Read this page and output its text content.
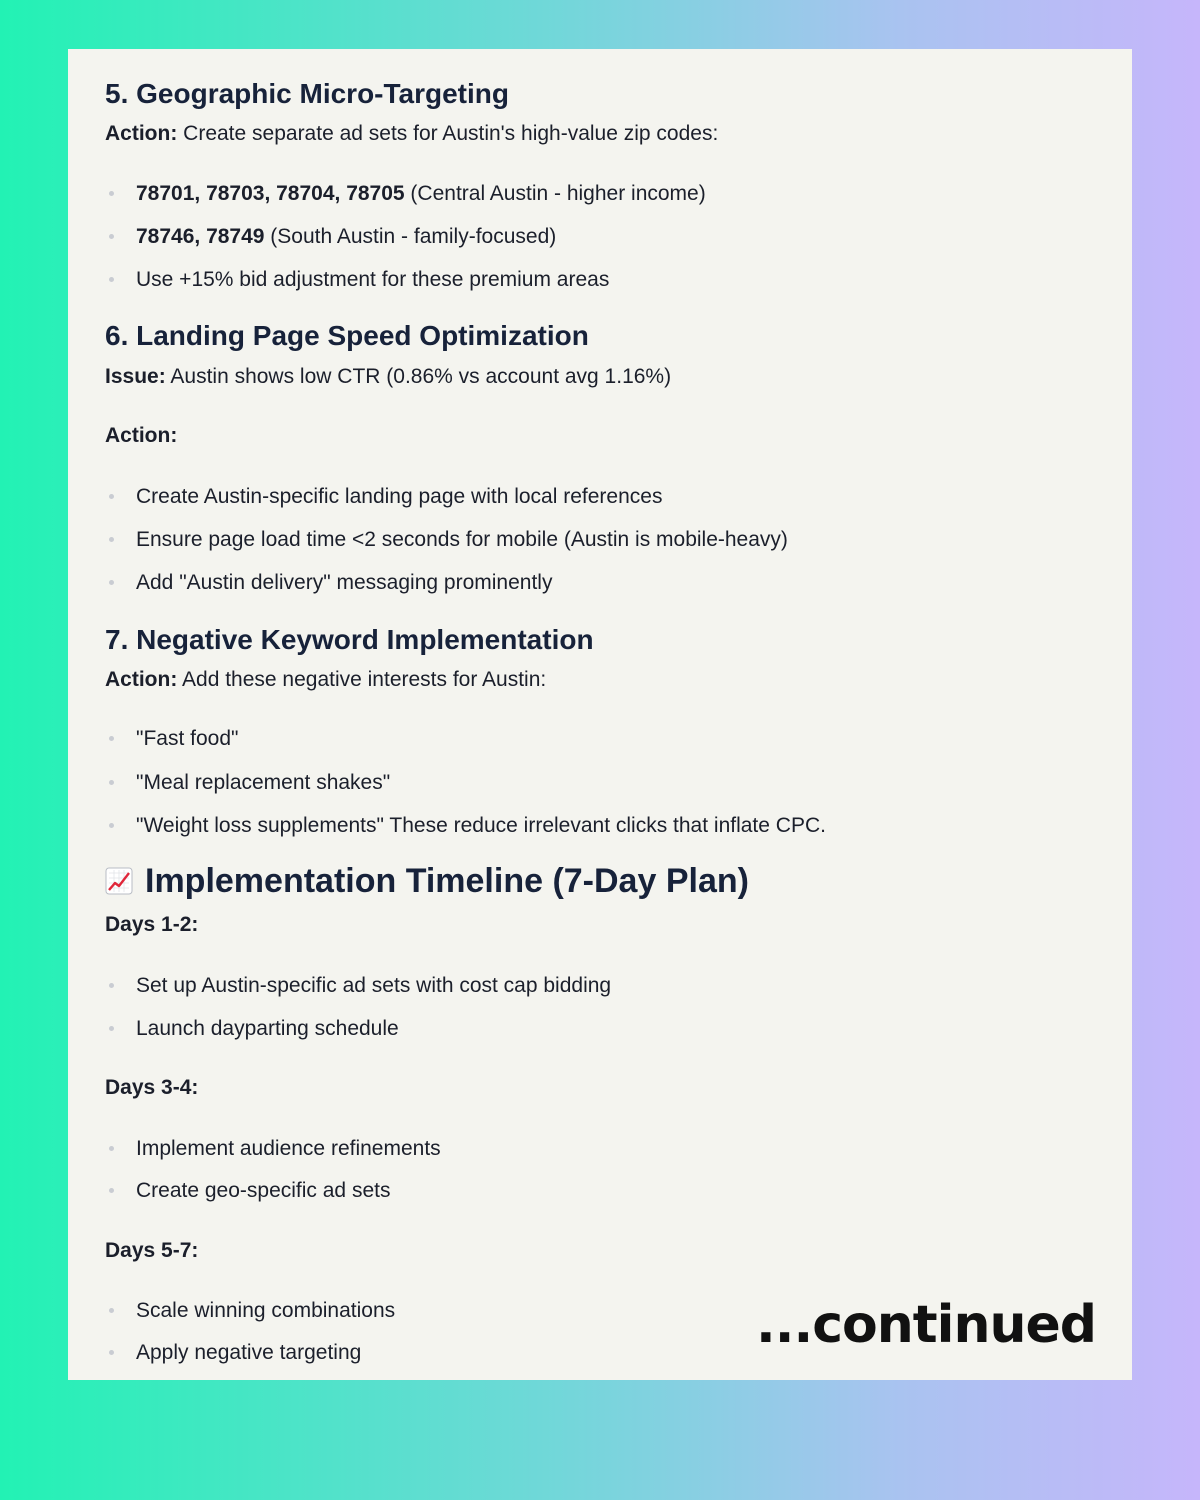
5. Geographic Micro-Targeting

Action: Create separate ad sets for Austin's high-value zip codes:

78701, 78703, 78704, 78705 (Central Austin - higher income)

78746, 78749 (South Austin - family-focused)

Use +15% bid adjustment for these premium areas

6. Landing Page Speed Optimization

Issue: Austin shows low CTR (0.86% vs account avg 1.16%)

Action:

Create Austin-specific landing page with local references

Ensure page load time <2 seconds for mobile (Austin is mobile-heavy)

Add "Austin delivery" messaging prominently

7. Negative Keyword Implementation

Action: Add these negative interests for Austin:

"Fast food"

"Meal replacement shakes"

"Weight loss supplements" These reduce irrelevant clicks that inflate CPC.

Implementation Timeline (7-Day Plan)

Days 1-2:

Set up Austin-specific ad sets with cost cap bidding

Launch dayparting schedule

Days 3-4:

Implement audience refinements

Create geo-specific ad sets

Days 5-7:

Scale winning combinations

Apply negative targeting	...continued
